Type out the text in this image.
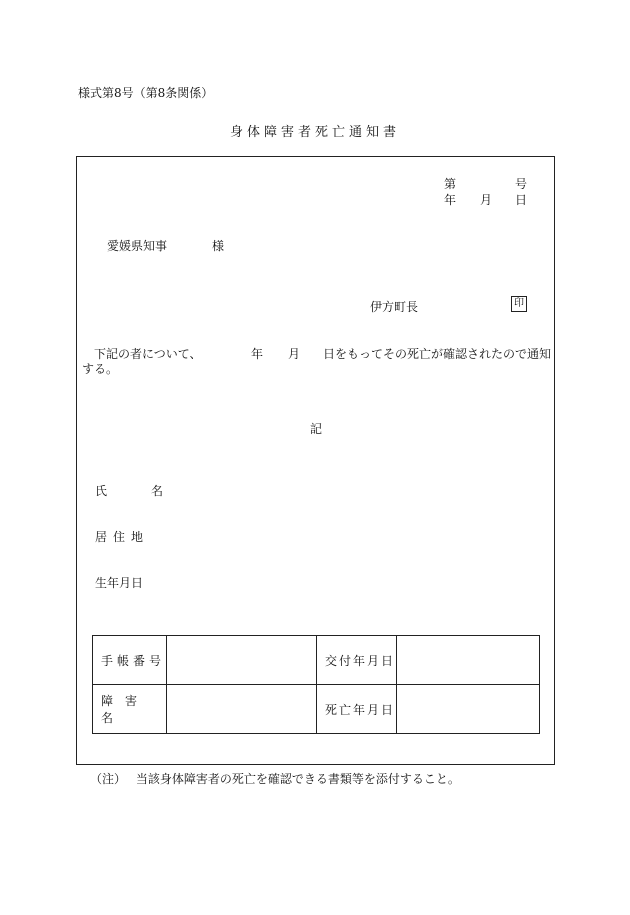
様式第8号（第8条関係）
身体障害者死亡通知書
第	号
年 月 日
愛媛県知事	様
伊方町長	印
下記の者について、	年 月 日をもってその死亡が確認されたので通知
する。
記
氏　名
居住地
生年月日
手帳番号		交付年月日	
障害名		死亡年月日	
（注） 当該身体障害者の死亡を確認できる書類等を添付すること。
